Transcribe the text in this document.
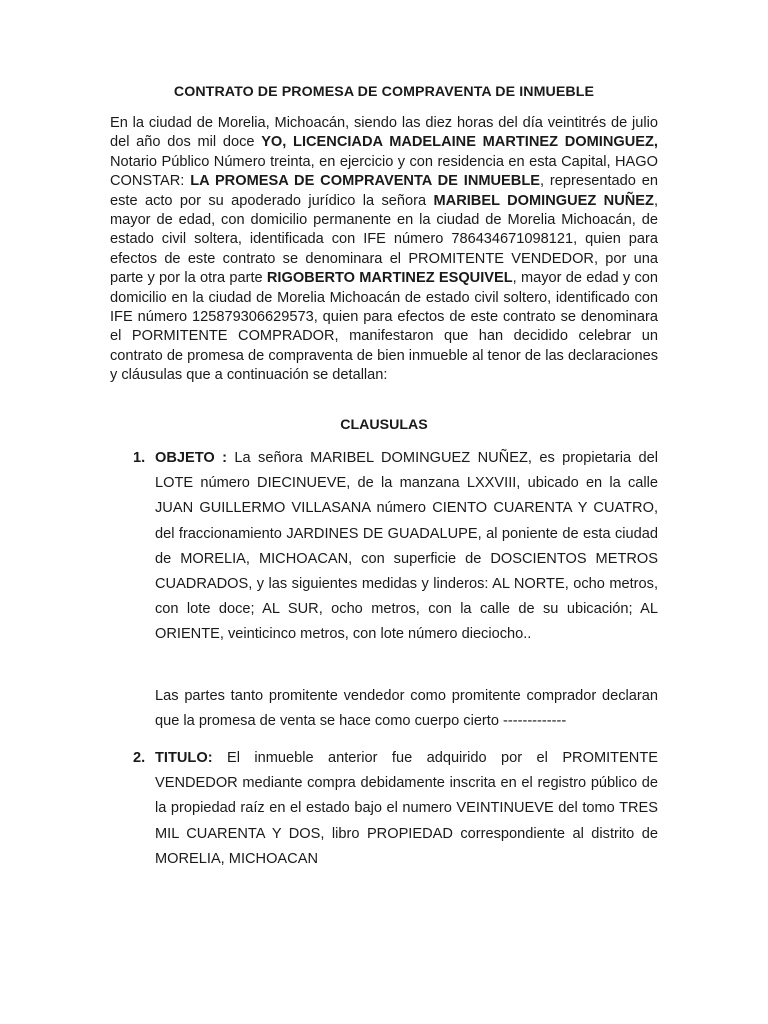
CONTRATO DE PROMESA DE COMPRAVENTA DE INMUEBLE

En la ciudad de Morelia, Michoacán, siendo las diez horas del día veintitrés de julio del año dos mil doce YO, LICENCIADA MADELAINE MARTINEZ DOMINGUEZ, Notario Público Número treinta, en ejercicio y con residencia en esta Capital, HAGO CONSTAR: LA PROMESA DE COMPRAVENTA DE INMUEBLE, representado en este acto por su apoderado jurídico la señora MARIBEL DOMINGUEZ NUÑEZ, mayor de edad, con domicilio permanente en la ciudad de Morelia Michoacán, de estado civil soltera, identificada con IFE número 786434671098121, quien para efectos de este contrato se denominara el PROMITENTE VENDEDOR, por una parte y por la otra parte RIGOBERTO MARTINEZ ESQUIVEL, mayor de edad y con domicilio en la ciudad de Morelia Michoacán de estado civil soltero, identificado con IFE número 125879306629573, quien para efectos de este contrato se denominara el PORMITENTE COMPRADOR, manifestaron que han decidido celebrar un contrato de promesa de compraventa de bien inmueble al tenor de las declaraciones y cláusulas que a continuación se detallan:

CLAUSULAS
1. OBJETO : La señora MARIBEL DOMINGUEZ NUÑEZ, es propietaria del LOTE número DIECINUEVE, de la manzana LXXVIII, ubicado en la calle JUAN GUILLERMO VILLASANA número CIENTO CUARENTA Y CUATRO, del fraccionamiento JARDINES DE GUADALUPE, al poniente de esta ciudad de MORELIA, MICHOACAN, con superficie de DOSCIENTOS METROS CUADRADOS, y las siguientes medidas y linderos: AL NORTE, ocho metros, con lote doce; AL SUR, ocho metros, con la calle de su ubicación; AL ORIENTE, veinticinco metros, con lote número dieciocho..

Las partes tanto promitente vendedor como promitente comprador declaran que la promesa de venta se hace como cuerpo cierto -------------

2. TITULO: El inmueble anterior fue adquirido por el PROMITENTE VENDEDOR mediante compra debidamente inscrita en el registro público de la propiedad raíz en el estado bajo el numero VEINTINUEVE del tomo TRES MIL CUARENTA Y DOS, libro PROPIEDAD correspondiente al distrito de MORELIA, MICHOACAN
